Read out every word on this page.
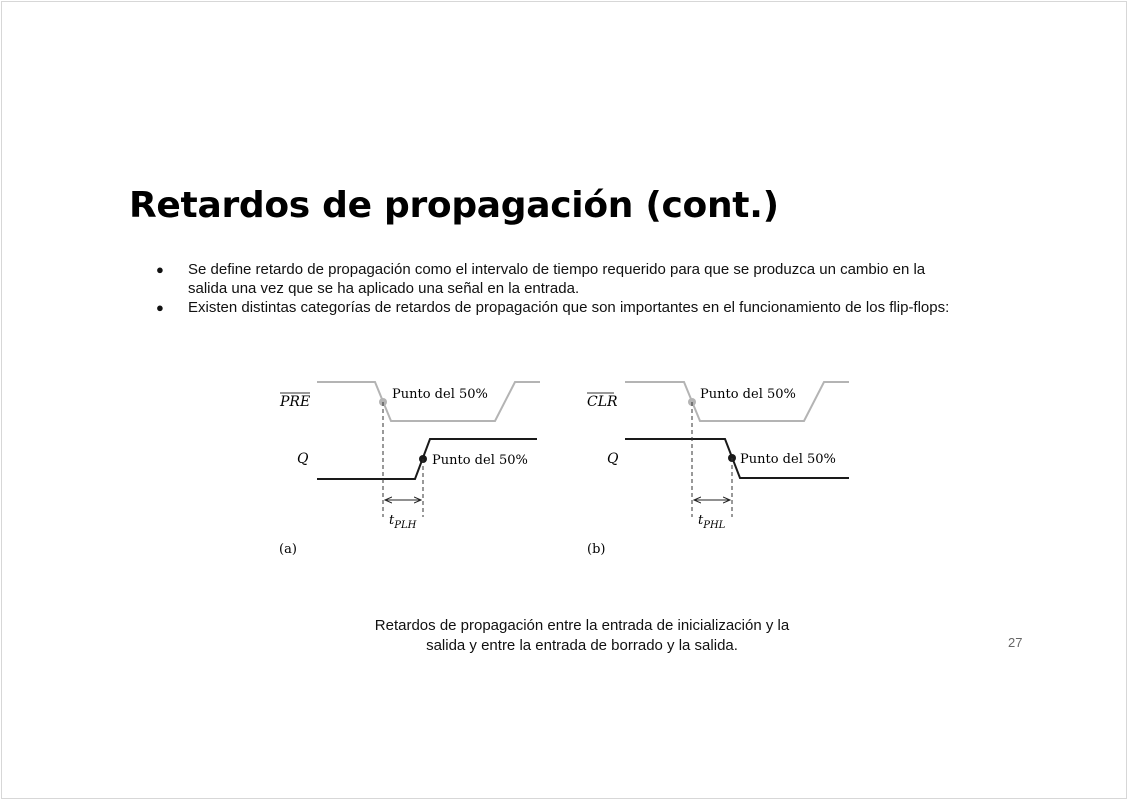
Retardos de propagación (cont.)
● Se define retardo de propagación como el intervalo de tiempo requerido para que se produzca un cambio en la salida una vez que se ha aplicado una señal en la entrada.
● Existen distintas categorías de retardos de propagación que son importantes en el funcionamiento de los flip-flops:
PRE	Punto del 50%
Q	Punto del 50%
$t_{PLH}$
(a)
CLR	Punto del 50%
Q	Punto del 50%
$t_{PHL}$
(b)
Retardos de propagación entre la entrada de inicialización y la
salida y entre la entrada de borrado y la salida.	27
